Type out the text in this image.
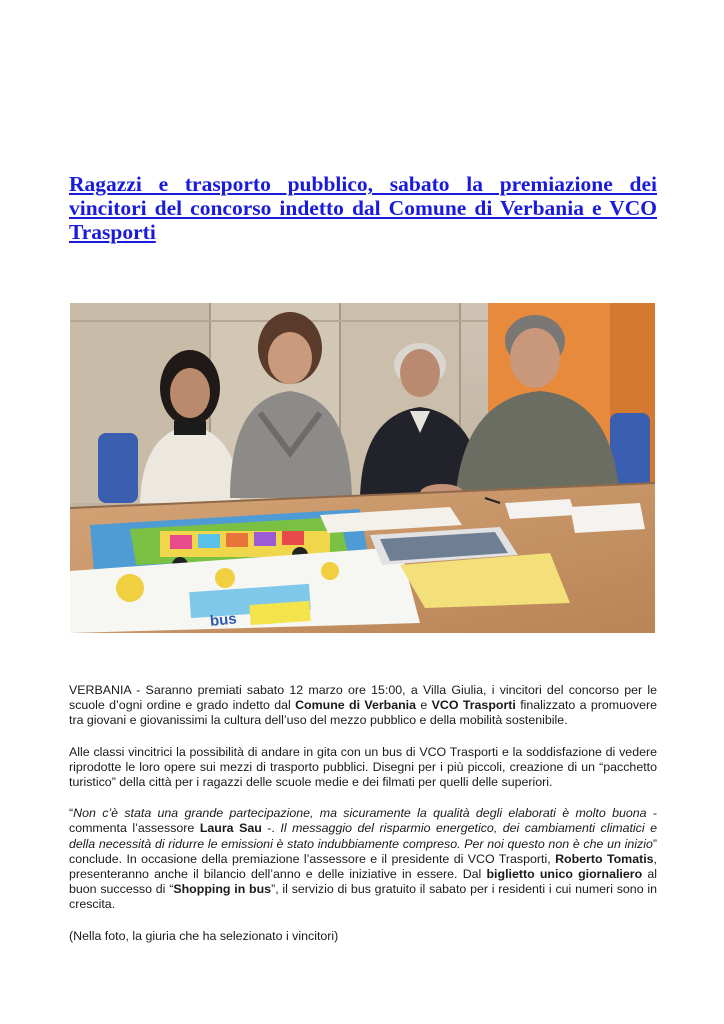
Ragazzi e trasporto pubblico, sabato la premiazione dei vincitori del concorso indetto dal Comune di Verbania e VCO Trasporti
bus

VERBANIA - Saranno premiati sabato 12 marzo ore 15:00, a Villa Giulia, i vincitori del concorso per le scuole d’ogni ordine e grado indetto dal Comune di Verbania e VCO Trasporti finalizzato a promuovere tra giovani e giovanissimi la cultura dell’uso del mezzo pubblico e della mobilità sostenibile.

Alle classi vincitrici la possibilità di andare in gita con un bus di VCO Trasporti e la soddisfazione di vedere riprodotte le loro opere sui mezzi di trasporto pubblici. Disegni per i più piccoli, creazione di un “pacchetto turistico” della città per i ragazzi delle scuole medie e dei filmati per quelli delle superiori.

“Non c’è stata una grande partecipazione, ma sicuramente la qualità degli elaborati è molto buona - commenta l’assessore Laura Sau -. Il messaggio del risparmio energetico, dei cambiamenti climatici e della necessità di ridurre le emissioni è stato indubbiamente compreso. Per noi questo non è che un inizio” conclude. In occasione della premiazione l’assessore e il presidente di VCO Trasporti, Roberto Tomatis, presenteranno anche il bilancio dell’anno e delle iniziative in essere. Dal biglietto unico giornaliero al buon successo di “Shopping in bus”, il servizio di bus gratuito il sabato per i residenti i cui numeri sono in crescita.

(Nella foto, la giuria che ha selezionato i vincitori)
